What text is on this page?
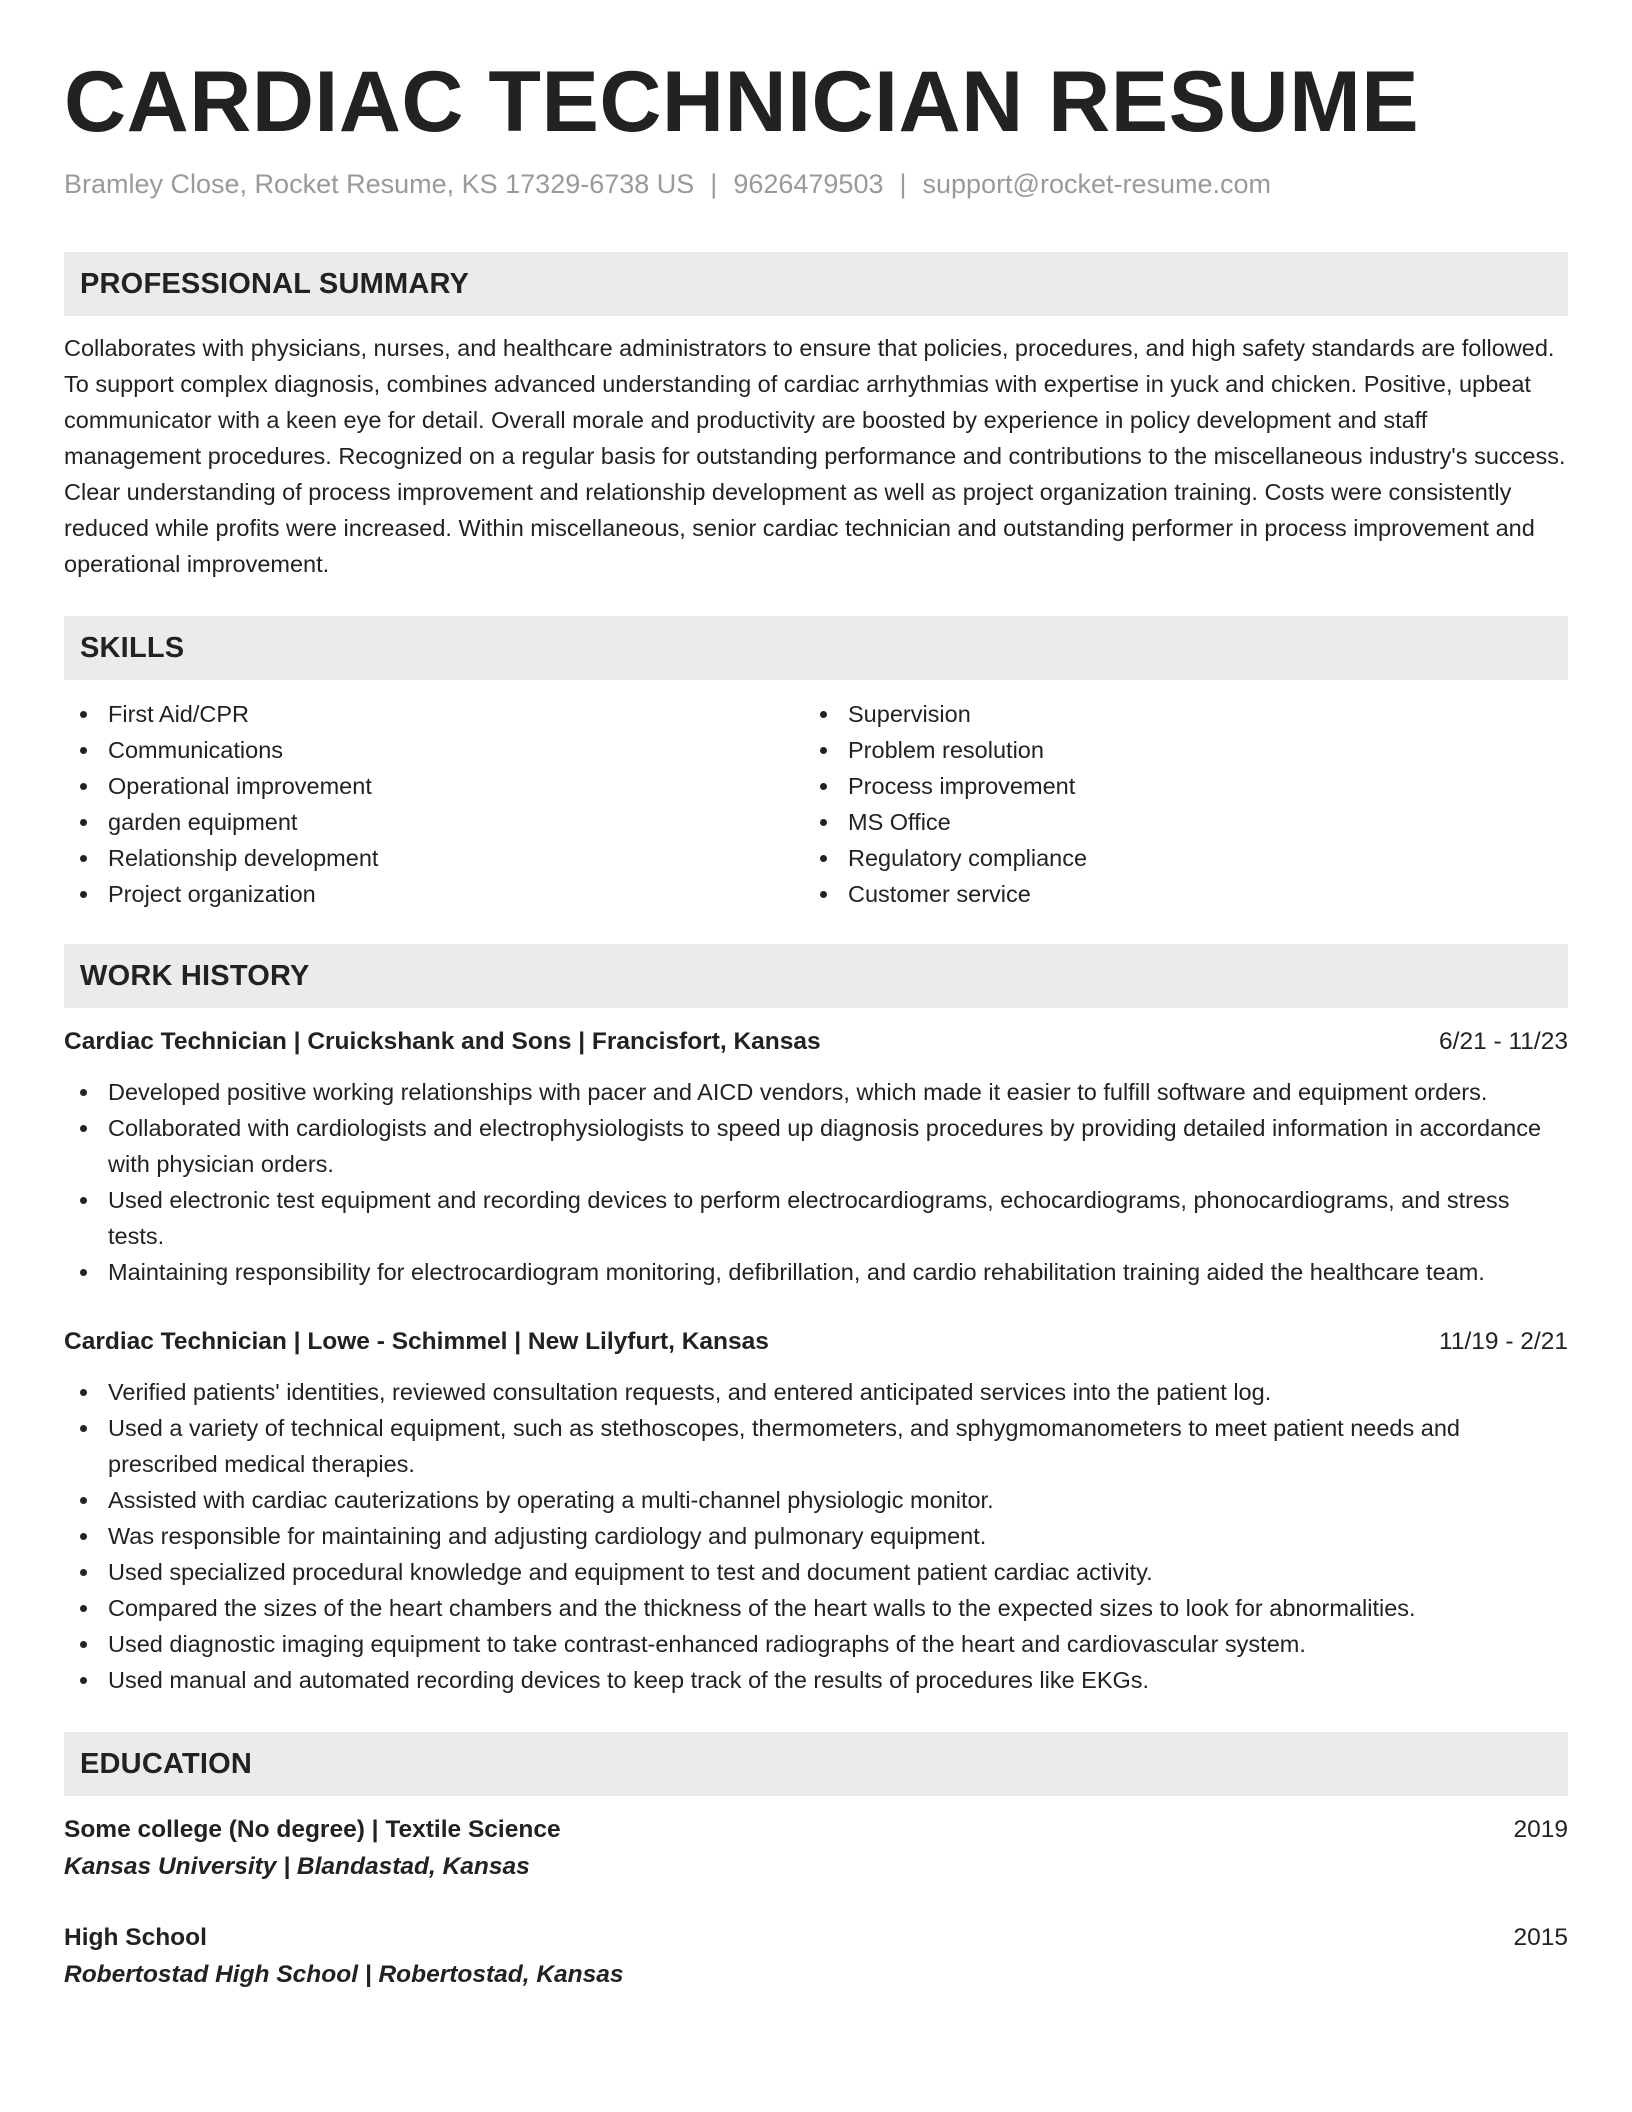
CARDIAC TECHNICIAN RESUME
Bramley Close, Rocket Resume, KS 17329-6738 US | 9626479503 | support@rocket-resume.com
PROFESSIONAL SUMMARY
Collaborates with physicians, nurses, and healthcare administrators to ensure that policies, procedures, and high safety standards are followed. To support complex diagnosis, combines advanced understanding of cardiac arrhythmias with expertise in yuck and chicken. Positive, upbeat communicator with a keen eye for detail. Overall morale and productivity are boosted by experience in policy development and staff management procedures. Recognized on a regular basis for outstanding performance and contributions to the miscellaneous industry's success. Clear understanding of process improvement and relationship development as well as project organization training. Costs were consistently reduced while profits were increased. Within miscellaneous, senior cardiac technician and outstanding performer in process improvement and operational improvement.
SKILLS
First Aid/CPR
Communications
Operational improvement
garden equipment
Relationship development
Project organization
Supervision
Problem resolution
Process improvement
MS Office
Regulatory compliance
Customer service
WORK HISTORY
Cardiac Technician | Cruickshank and Sons | Francisfort, Kansas	6/21 - 11/23
Developed positive working relationships with pacer and AICD vendors, which made it easier to fulfill software and equipment orders.
Collaborated with cardiologists and electrophysiologists to speed up diagnosis procedures by providing detailed information in accordance with physician orders.
Used electronic test equipment and recording devices to perform electrocardiograms, echocardiograms, phonocardiograms, and stress tests.
Maintaining responsibility for electrocardiogram monitoring, defibrillation, and cardio rehabilitation training aided the healthcare team.
Cardiac Technician | Lowe - Schimmel | New Lilyfurt, Kansas	11/19 - 2/21
Verified patients' identities, reviewed consultation requests, and entered anticipated services into the patient log.
Used a variety of technical equipment, such as stethoscopes, thermometers, and sphygmomanometers to meet patient needs and prescribed medical therapies.
Assisted with cardiac cauterizations by operating a multi-channel physiologic monitor.
Was responsible for maintaining and adjusting cardiology and pulmonary equipment.
Used specialized procedural knowledge and equipment to test and document patient cardiac activity.
Compared the sizes of the heart chambers and the thickness of the heart walls to the expected sizes to look for abnormalities.
Used diagnostic imaging equipment to take contrast-enhanced radiographs of the heart and cardiovascular system.
Used manual and automated recording devices to keep track of the results of procedures like EKGs.
EDUCATION
Some college (No degree) | Textile Science	2019
Kansas University | Blandastad, Kansas
High School	2015
Robertostad High School | Robertostad, Kansas
